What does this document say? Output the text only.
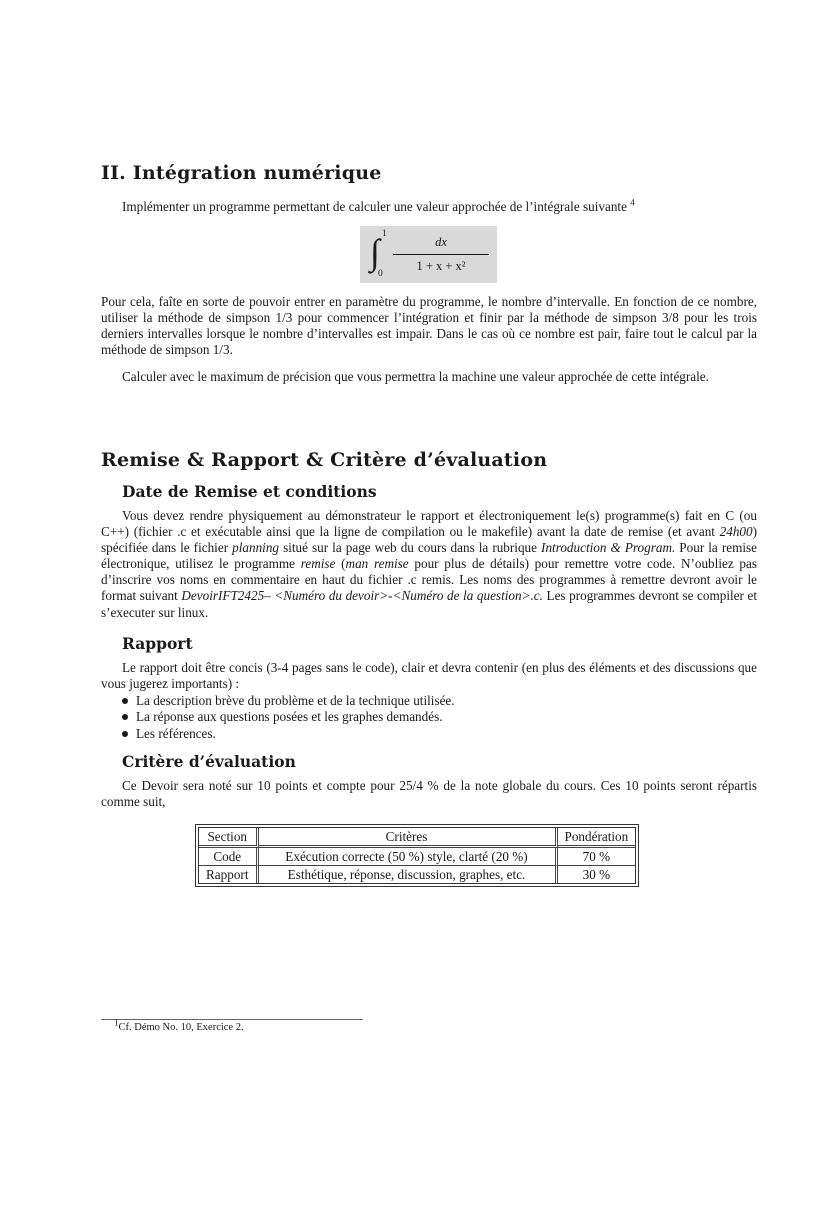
II. Intégration numérique

Implémenter un programme permettant de calculer une valeur approchée de l’intégrale suivante $^4$

∫ 1
0
dx
1 + x + x²

Pour cela, faîte en sorte de pouvoir entrer en paramètre du programme, le nombre d’intervalle. En fonction de ce nombre, utiliser la méthode de simpson 1/3 pour commencer l’intégration et finir par la méthode de simpson 3/8 pour les trois derniers intervalles lorsque le nombre d’intervalles est impair. Dans le cas où ce nombre est pair, faire tout le calcul par la méthode de simpson 1/3.

Calculer avec le maximum de précision que vous permettra la machine une valeur approchée de cette intégrale.

Remise & Rapport & Critère d’évaluation
Date de Remise et conditions

Vous devez rendre physiquement au démonstrateur le rapport et électroniquement le(s) programme(s) fait en C (ou C++) (fichier .c et exécutable ainsi que la ligne de compilation ou le makefile) avant la date de remise (et avant 24h00) spécifiée dans le fichier planning situé sur la page web du cours dans la rubrique Introduction & Program. Pour la remise électronique, utilisez le programme remise (man remise pour plus de détails) pour remettre votre code. N’oubliez pas d’inscrire vos noms en commentaire en haut du fichier .c remis. Les noms des programmes à remettre devront avoir le format suivant DevoirIFT2425– <Numéro du devoir>-<Numéro de la question>.c. Les programmes devront se compiler et s’executer sur linux.

Rapport

Le rapport doit être concis (3-4 pages sans le code), clair et devra contenir (en plus des éléments et des discussions que vous jugerez importants) :

La description brève du problème et de la technique utilisée.
La réponse aux questions posées et les graphes demandés.
Les références.
Critère d’évaluation

Ce Devoir sera noté sur 10 points et compte pour 25/4 % de la note globale du cours. Ces 10 points seront répartis comme suit,

Section	Critères	Pondération
Code	Exécution correcte (50 %) style, clarté (20 %)	70 %
Rapport	Esthétique, réponse, discussion, graphes, etc.	30 %

$^1$Cf. Démo No. 10, Exercice 2.
